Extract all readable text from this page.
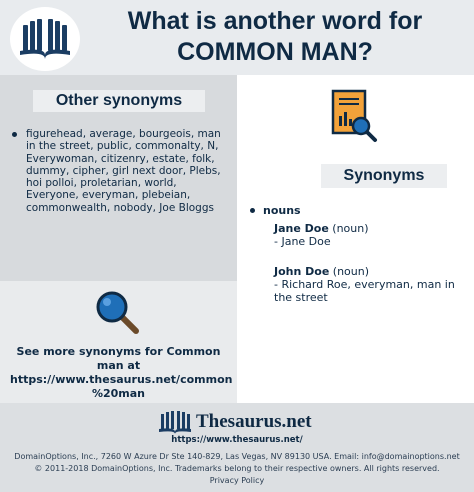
What is another word for
COMMON MAN?
Other synonyms
figurehead, average, bourgeois, man in the street, public, commonalty, N, Everywoman, citizenry, estate, folk, dummy, cipher, girl next door, Plebs, hoi polloi, proletarian, world, Everyone, everyman, plebeian, commonwealth, nobody, Joe Bloggs
See more synonyms for Common
man at
https://www.thesaurus.net/common
%20man
Synonyms
nouns
Jane Doe (noun)
- Jane Doe
John Doe (noun)
- Richard Roe, everyman, man in
the street
Thesaurus.net
https://www.thesaurus.net/
DomainOptions, Inc., 7260 W Azure Dr Ste 140-829, Las Vegas, NV 89130 USA. Email: info@domainoptions.net
© 2011-2018 DomainOptions, Inc. Trademarks belong to their respective owners. All rights reserved.
Privacy Policy
